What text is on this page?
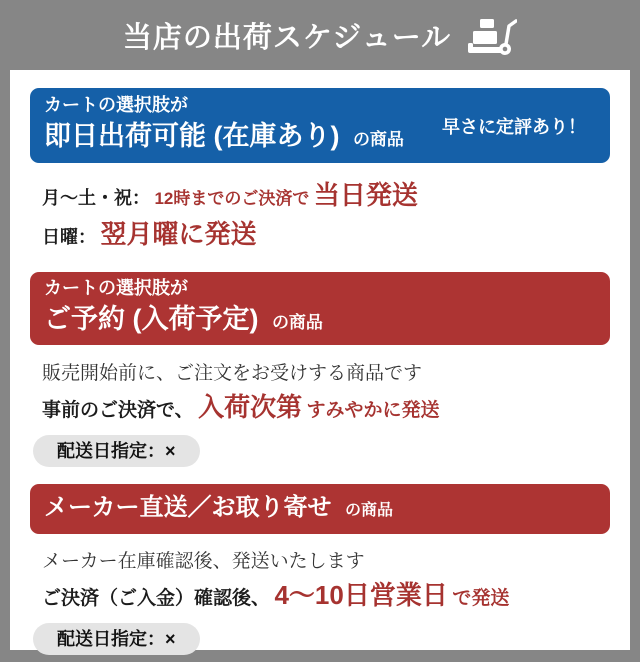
当店の出荷スケジュール
カートの選択肢が
即日出荷可能 (在庫あり) の商品
早さに定評あり！
月〜土・祝： 12時までのご決済で 当日発送
日曜： 翌月曜に発送
カートの選択肢が
ご予約 (入荷予定) の商品
販売開始前に、ご注文をお受けする商品です
事前のご決済で、 入荷次第 すみやかに発送
配送日指定：×
メーカー直送／お取り寄せ の商品
メーカー在庫確認後、発送いたします
ご決済（ご入金）確認後、 4〜10日営業日 で発送
配送日指定：×
